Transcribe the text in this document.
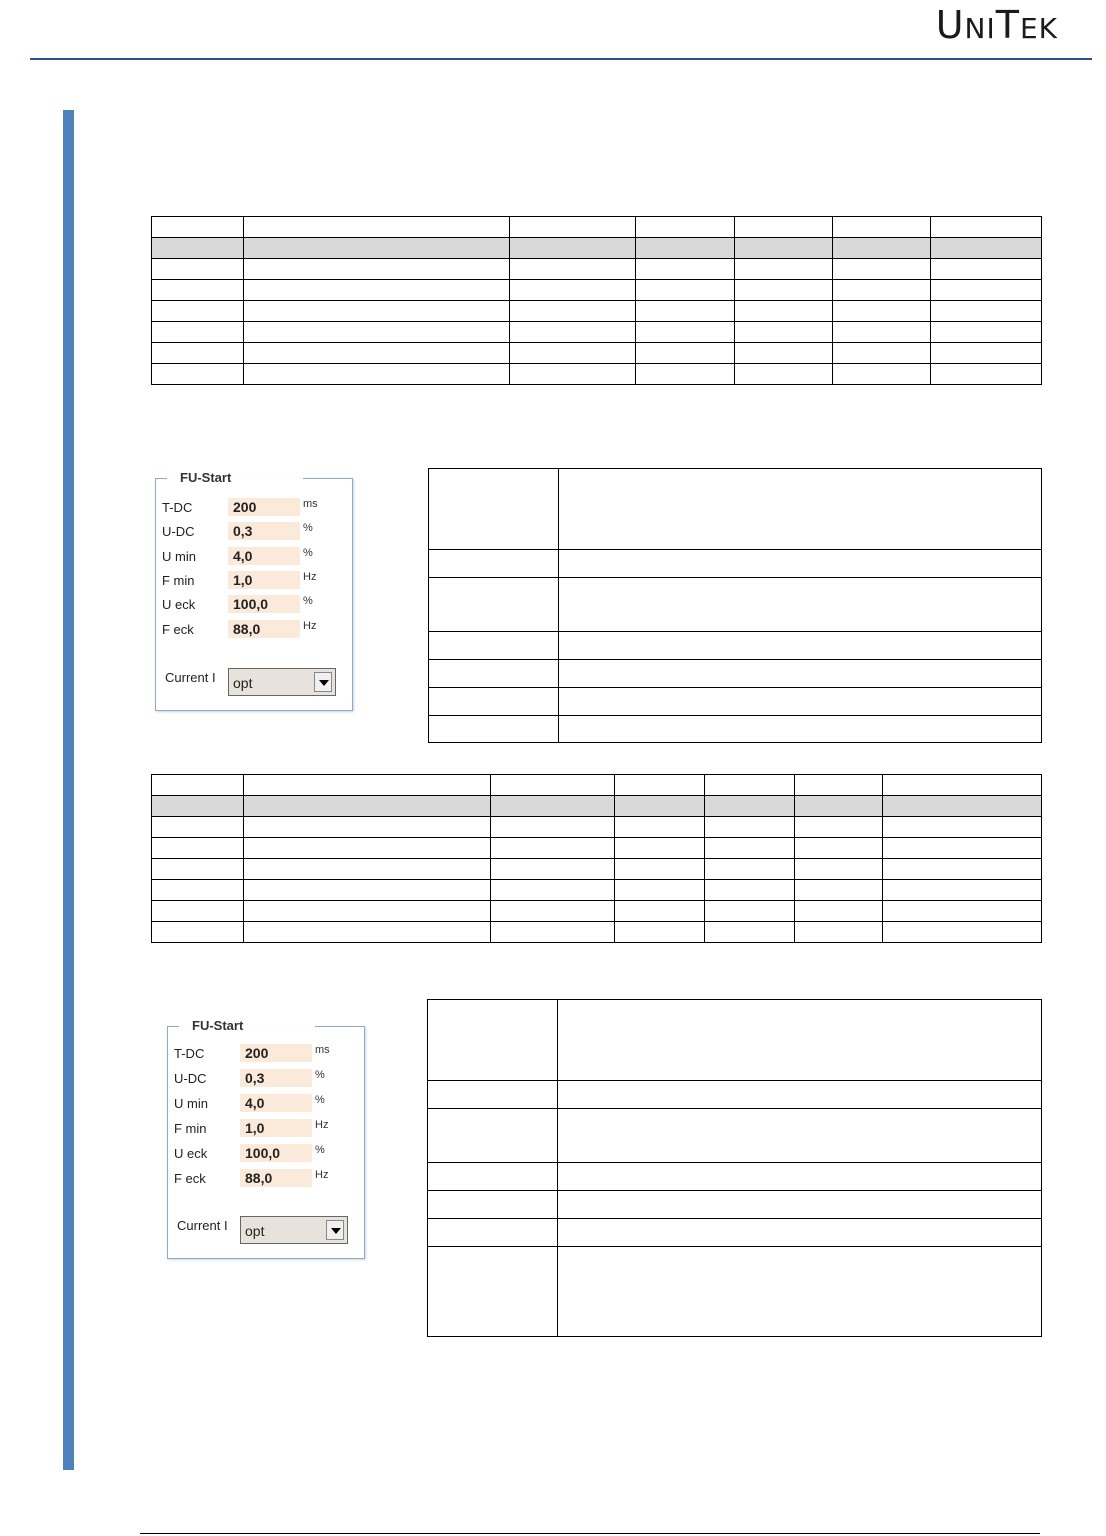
UNITEK

FU-Start
T-DC	200	ms
U-DC	0,3	%
U min	4,0	%
F min	1,0	Hz
U eck	100,0	%
F eck	88,0	Hz
Current I opt

FU-Start
T-DC	200	ms
U-DC	0,3	%
U min	4,0	%
F min	1,0	Hz
U eck	100,0	%
F eck	88,0	Hz
Current I opt
